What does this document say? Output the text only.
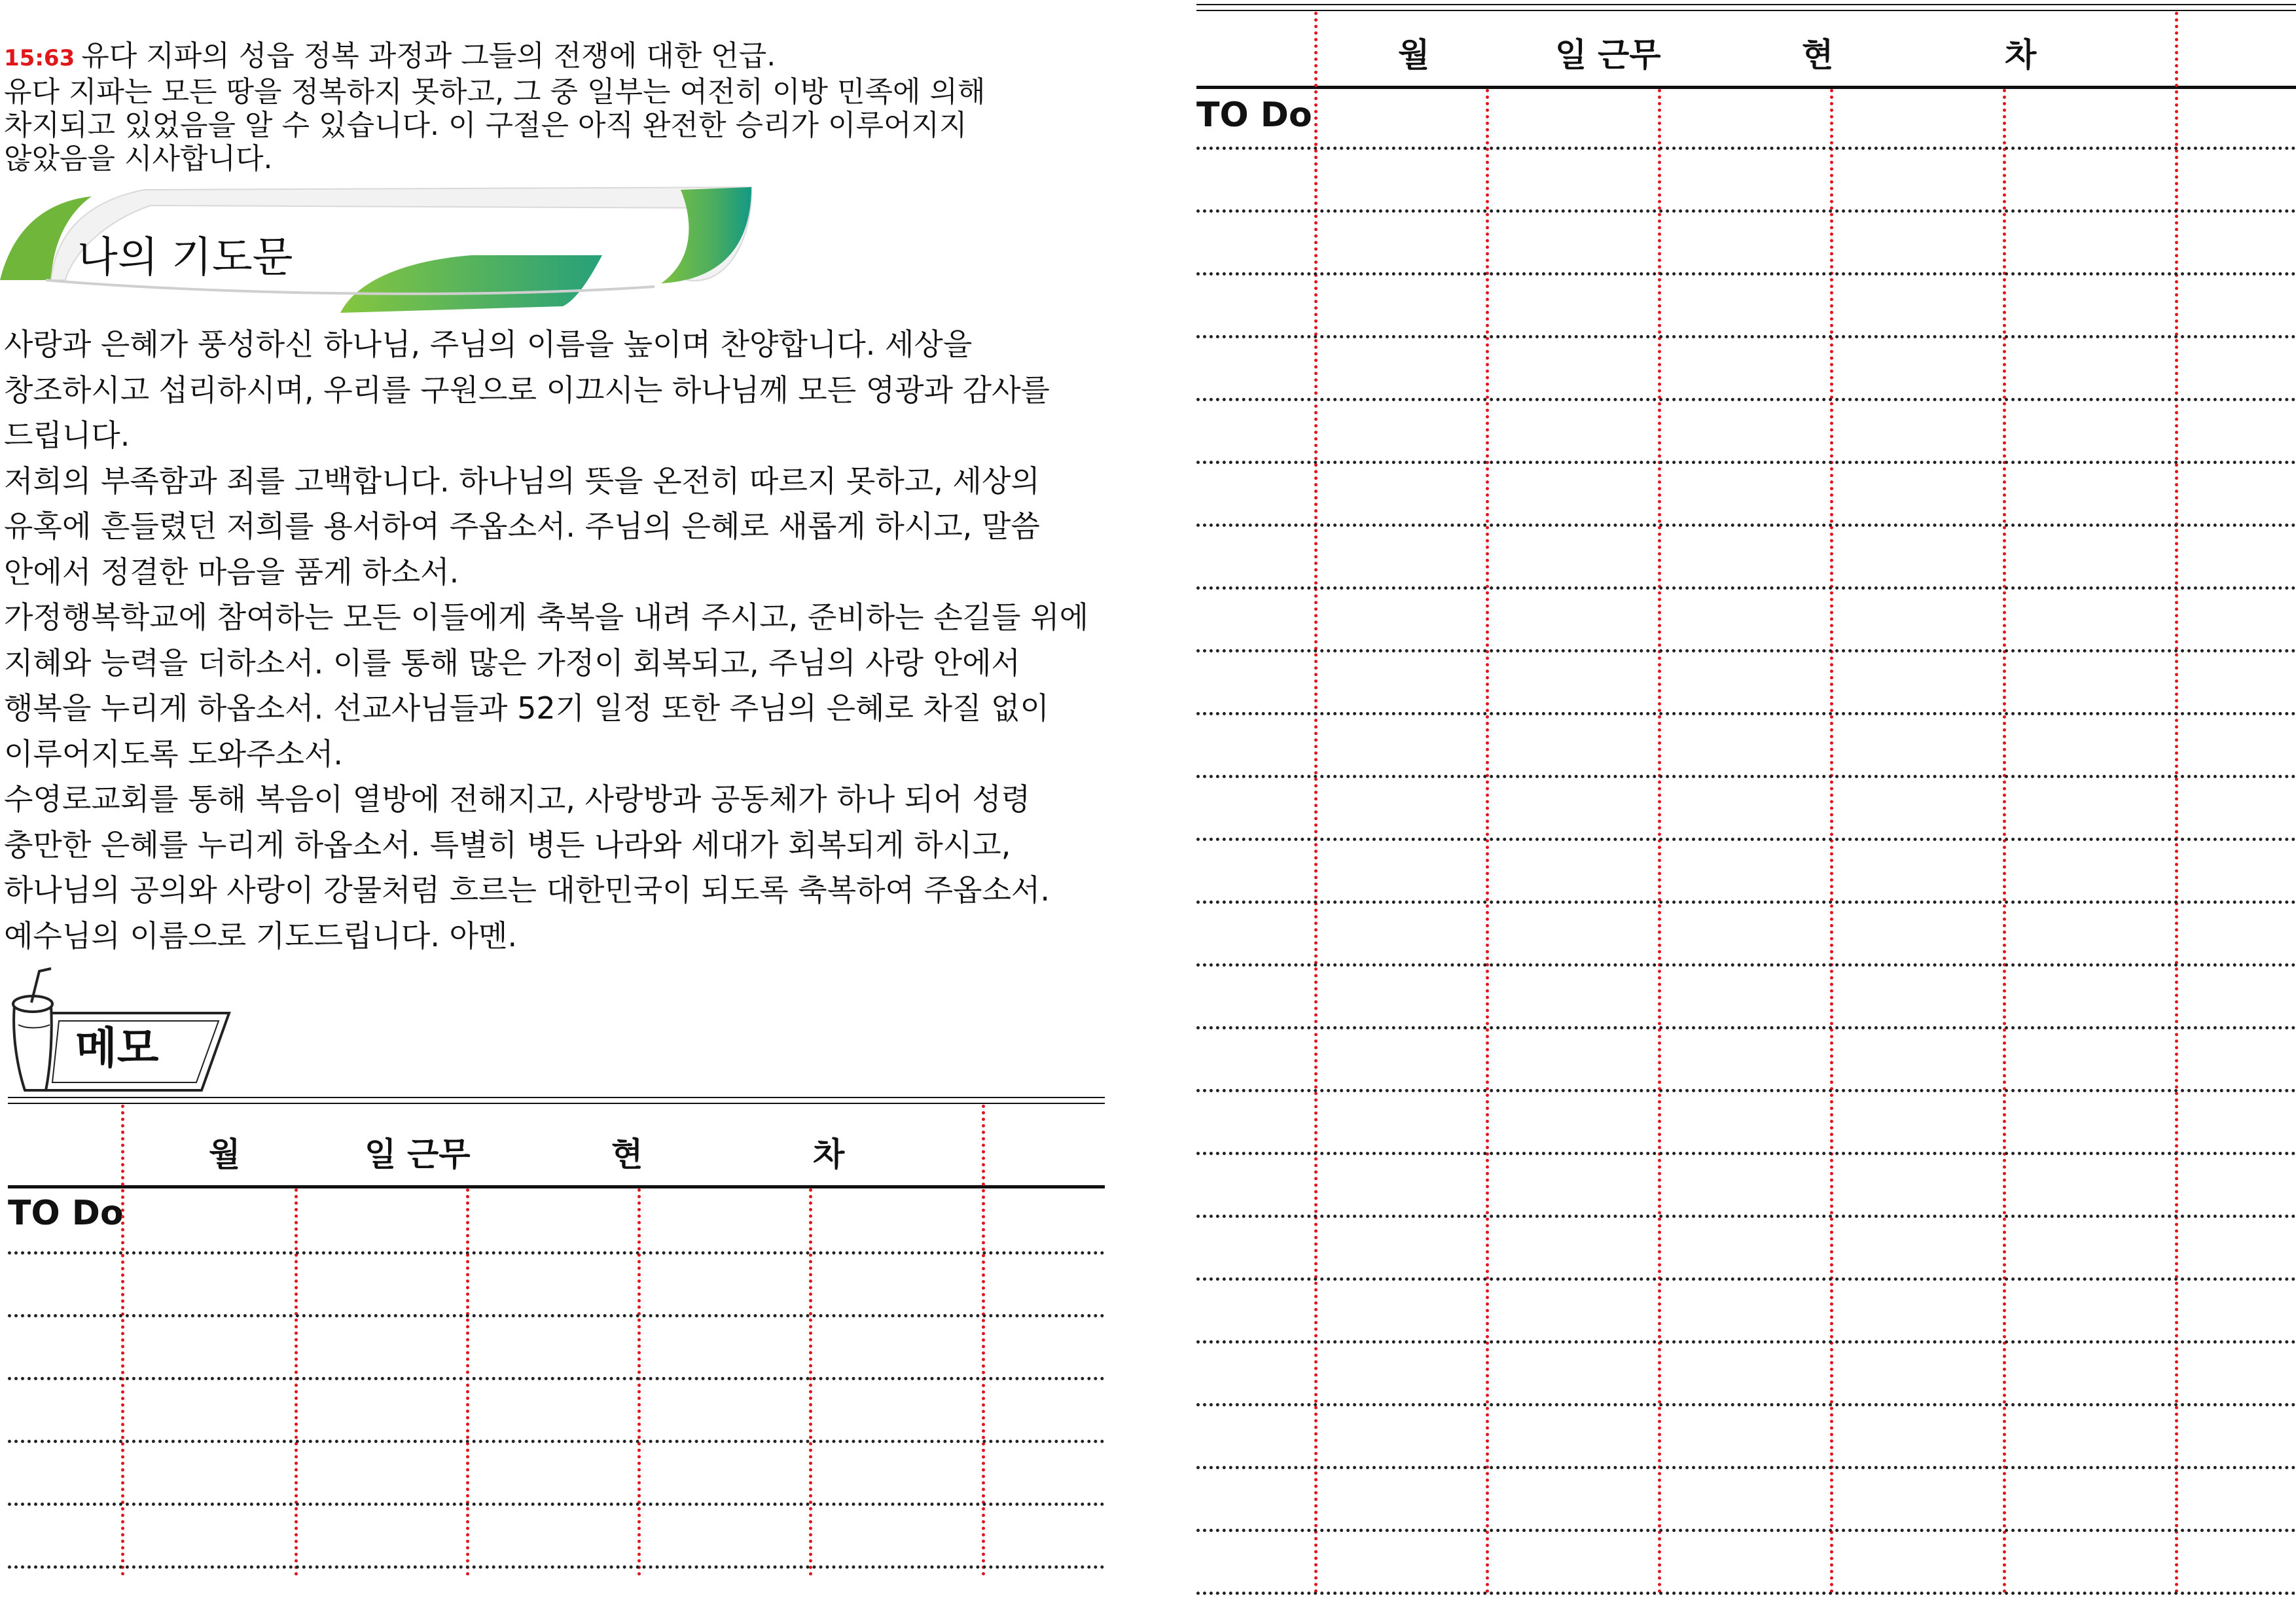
15:63 유다 지파의 성읍 정복 과정과 그들의 전쟁에 대한 언급.

유다 지파는 모든 땅을 정복하지 못하고, 그 중 일부는 여전히 이방 민족에 의해

차지되고 있었음을 알 수 있습니다. 이 구절은 아직 완전한 승리가 이루어지지

않았음을 시사합니다.

나의 기도문

사랑과 은혜가 풍성하신 하나님, 주님의 이름을 높이며 찬양합니다. 세상을

창조하시고 섭리하시며, 우리를 구원으로 이끄시는 하나님께 모든 영광과 감사를

드립니다.

저희의 부족함과 죄를 고백합니다. 하나님의 뜻을 온전히 따르지 못하고, 세상의

유혹에 흔들렸던 저희를 용서하여 주옵소서. 주님의 은혜로 새롭게 하시고, 말씀

안에서 정결한 마음을 품게 하소서.

가정행복학교에 참여하는 모든 이들에게 축복을 내려 주시고, 준비하는 손길들 위에

지혜와 능력을 더하소서. 이를 통해 많은 가정이 회복되고, 주님의 사랑 안에서

행복을 누리게 하옵소서. 선교사님들과 52기 일정 또한 주님의 은혜로 차질 없이

이루어지도록 도와주소서.

수영로교회를 통해 복음이 열방에 전해지고, 사랑방과 공동체가 하나 되어 성령

충만한 은혜를 누리게 하옵소서. 특별히 병든 나라와 세대가 회복되게 하시고,

하나님의 공의와 사랑이 강물처럼 흐르는 대한민국이 되도록 축복하여 주옵소서.

예수님의 이름으로 기도드립니다. 아멘.

메모
월	일 근무	현	차
TO Do
월	일 근무	현	차
TO Do
